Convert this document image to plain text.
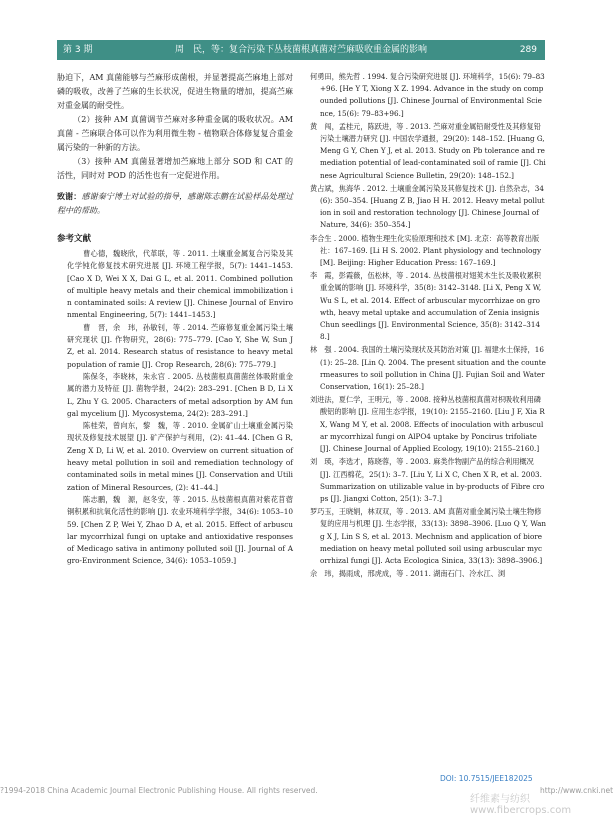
第 3 期	周　民，等：复合污染下丛枝菌根真菌对苎麻吸收重金属的影响	289

胁迫下，AM 真菌能够与苎麻形成菌根，并显著提高苎麻地上部对磷的吸收，改善了苎麻的生长状况，促进生物量的增加，提高苎麻对重金属的耐受性。

（2）接种 AM 真菌调节苎麻对多种重金属的吸收状况。AM 真菌 - 苎麻联合体可以作为利用微生物 - 植物联合体修复复合重金属污染的一种新的方法。

（3）接种 AM 真菌显著增加苎麻地上部分 SOD 和 CAT 的活性，同时对 POD 的活性也有一定促进作用。

致谢：感谢秦宁博士对试验的指导，感谢陈志鹏在试验样品处理过程中的帮助。

参考文献

曹心德，魏晓欣，代革联，等 . 2011. 土壤重金属复合污染及其化学钝化修复技术研究进展 [J]. 环境工程学报，5(7): 1441–1453. [Cao X D, Wei X X, Dai G L, et al. 2011. Combined pollution of multiple heavy metals and their chemical immobilization in contaminated soils: A review [J]. Chinese Journal of Environmental Engineering, 5(7): 1441–1453.]

曹　晋，余　玮，孙敏钊，等 . 2014. 苎麻修复重金属污染土壤研究现状 [J]. 作物研究，28(6): 775–779. [Cao Y, She W, Sun J Z, et al. 2014. Research status of resistance to heavy metal population of ramie [J]. Crop Research, 28(6): 775–779.]

陈保冬，李晓林，朱永官 . 2005. 丛枝菌根真菌菌丝体吸附重金属的潜力及特征 [J]. 菌物学报，24(2): 283–291. [Chen B D, Li X L, Zhu Y G. 2005. Characters of metal adsorption by AM fungal mycelium [J]. Mycosystema, 24(2): 283–291.]

陈桂荣，曾向东，黎　魏，等 . 2010. 金属矿山土壤重金属污染现状及修复技术展望 [J]. 矿产保护与利用，(2): 41–44. [Chen G R, Zeng X D, Li W, et al. 2010. Overview on current situation of heavy metal pollution in soil and remediation technology of contaminated soils in metal mines [J]. Conservation and Utilization of Mineral Resources, (2): 41–44.]

陈志鹏，魏　源，赵冬安，等 . 2015. 丛枝菌根真菌对紫花苜蓿铜积累和抗氧化活性的影响 [J]. 农业环境科学学报，34(6): 1053–1059. [Chen Z P, Wei Y, Zhao D A, et al. 2015. Effect of arbuscular mycorrhizal fungi on uptake and antioxidative responses of Medicago sativa in antimony polluted soil [J]. Journal of Agro-Environment Science, 34(6): 1053–1059.]

何勇田，熊先哲 . 1994. 复合污染研究进展 [J]. 环境科学，15(6): 79–83+96. [He Y T, Xiong X Z. 1994. Advance in the study on compounded pollutions [J]. Chinese Journal of Environmental Science, 15(6): 79–83+96.]

黄　闯，孟桂元，陈跃进，等 . 2013. 苎麻对重金属铅耐受性及其修复铅污染土壤潜力研究 [J]. 中国农学通报，29(20): 148–152. [Huang G, Meng G Y, Chen Y J, et al. 2013. Study on Pb tolerance and remediation potential of lead-contaminated soil of ramie [J]. Chinese Agricultural Science Bulletin, 29(20): 148–152.]

黄占斌，焦海华 . 2012. 土壤重金属污染及其修复技术 [J]. 自然杂志，34(6): 350–354. [Huang Z B, Jiao H H. 2012. Heavy metal pollution in soil and restoration technology [J]. Chinese Journal of Nature, 34(6): 350–354.]

李合生 . 2000. 植物生理生化实验原理和技术 [M]. 北京：高等教育出版社：167–169. [Li H S. 2002. Plant physiology and technology [M]. Beijing: Higher Education Press: 167–169.]

李　霞，彭霞薇，伍松林，等 . 2014. 丛枝菌根对翅荚木生长及吸收累积重金属的影响 [J]. 环境科学，35(8): 3142–3148. [Li X, Peng X W, Wu S L, et al. 2014. Effect of arbuscular mycorrhizae on growth, heavy metal uptake and accumulation of Zenia insignis Chun seedlings [J]. Environmental Science, 35(8): 3142–3148.]

林　强 . 2004. 我国的土壤污染现状及其防治对策 [J]. 福建水土保持，16(1): 25–28. [Lin Q. 2004. The present situation and the countermeasures to soil pollution in China [J]. Fujian Soil and Water Conservation, 16(1): 25–28.]

刘进法，夏仁学，王明元，等 . 2008. 接种丛枝菌根真菌对枳吸收利用磷酸铝的影响 [J]. 应用生态学报，19(10): 2155–2160. [Liu J F, Xia R X, Wang M Y, et al. 2008. Effects of inoculation with arbuscular mycorrhizal fungi on AlPO4 uptake by Poncirus trifoliate [J]. Chinese Journal of Applied Ecology, 19(10): 2155–2160.]

刘　瑛，李选才，陈晓蓉，等 . 2003. 麻类作物副产品的综合利用概况 [J]. 江西棉花，25(1): 3–7. [Liu Y, Li X C, Chen X R, et al. 2003. Summarization on utilizable value in by-products of Fibre crops [J]. Jiangxi Cotton, 25(1): 3–7.]

罗巧玉，王晓娟，林双双，等 . 2013. AM 真菌对重金属污染土壤生物修复的应用与机理 [J]. 生态学报，33(13): 3898–3906. [Luo Q Y, Wang X J, Lin S S, et al. 2013. Mechnism and application of bioremediation on heavy metal polluted soil using arbuscular mycorrhizal fungi [J]. Acta Ecologica Sinica, 33(13): 3898–3906.]

佘　玮，揭雨成，邢虎成，等 . 2011. 湖南石门、冷水江、浏

?1994-2018 China Academic Journal Electronic Publishing House. All rights reserved.
DOI: 10.7515/JEE182025
http://www.cnki.net
纤维素与纺织 www.fibercrops.com
